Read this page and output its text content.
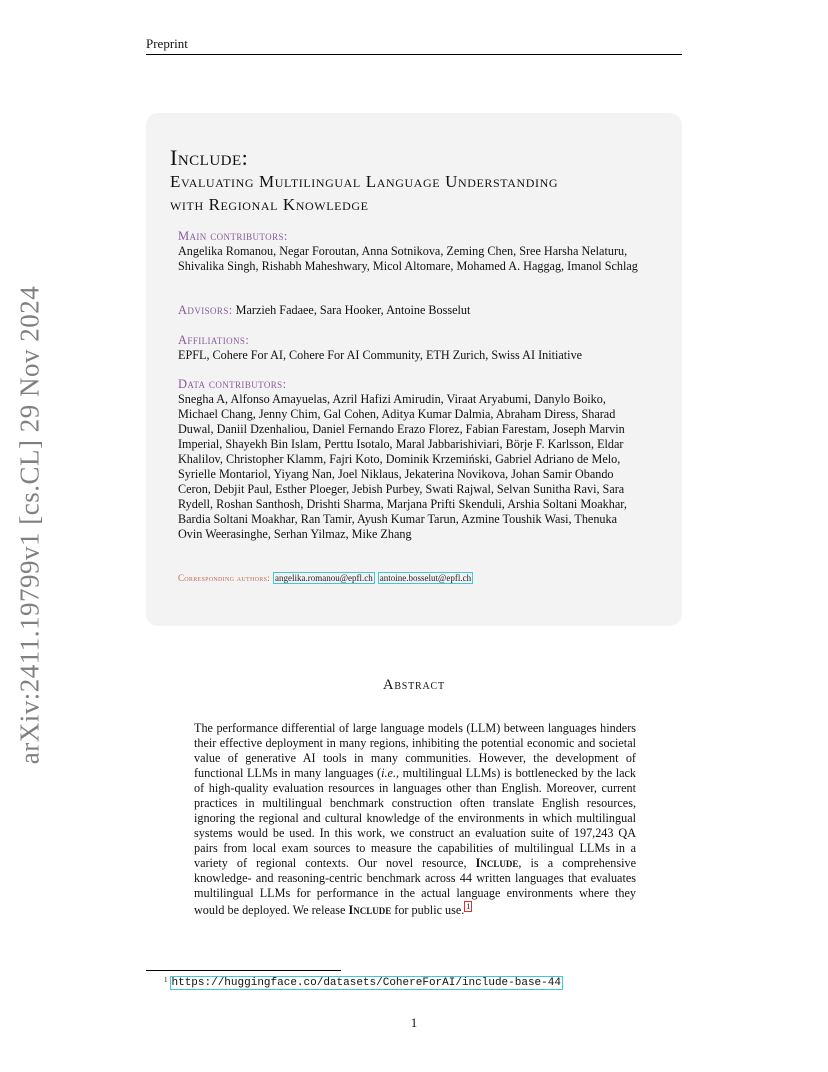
Preprint
arXiv:2411.19799v1 [cs.CL] 29 Nov 2024
Include:
Evaluating Multilingual Language Understanding
with Regional Knowledge
Main contributors:
Angelika Romanou, Negar Foroutan, Anna Sotnikova, Zeming Chen, Sree Harsha Nelaturu, Shivalika Singh, Rishabh Maheshwary, Micol Altomare, Mohamed A. Haggag, Imanol Schlag
Advisors: Marzieh Fadaee, Sara Hooker, Antoine Bosselut
Affiliations:
EPFL, Cohere For AI, Cohere For AI Community, ETH Zurich, Swiss AI Initiative
Data contributors:
Snegha A, Alfonso Amayuelas, Azril Hafizi Amirudin, Viraat Aryabumi, Danylo Boiko, Michael Chang, Jenny Chim, Gal Cohen, Aditya Kumar Dalmia, Abraham Diress, Sharad Duwal, Daniil Dzenhaliou, Daniel Fernando Erazo Florez, Fabian Farestam, Joseph Marvin Imperial, Shayekh Bin Islam, Perttu Isotalo, Maral Jabbarishiviari, Börje F. Karlsson, Eldar Khalilov, Christopher Klamm, Fajri Koto, Dominik Krzemiński, Gabriel Adriano de Melo, Syrielle Montariol, Yiyang Nan, Joel Niklaus, Jekaterina Novikova, Johan Samir Obando Ceron, Debjit Paul, Esther Ploeger, Jebish Purbey, Swati Rajwal, Selvan Sunitha Ravi, Sara Rydell, Roshan Santhosh, Drishti Sharma, Marjana Prifti Skenduli, Arshia Soltani Moakhar, Bardia Soltani Moakhar, Ran Tamir, Ayush Kumar Tarun, Azmine Toushik Wasi, Thenuka Ovin Weerasinghe, Serhan Yilmaz, Mike Zhang
Corresponding authors: angelika.romanou@epfl.ch antoine.bosselut@epfl.ch
Abstract
The performance differential of large language models (LLM) between languages hinders their effective deployment in many regions, inhibiting the potential economic and societal value of generative AI tools in many communities. However, the development of functional LLMs in many languages (i.e., multilingual LLMs) is bottlenecked by the lack of high-quality evaluation resources in languages other than English. Moreover, current practices in multilingual benchmark construction often translate English resources, ignoring the regional and cultural knowledge of the environments in which multilingual systems would be used. In this work, we construct an evaluation suite of 197,243 QA pairs from local exam sources to measure the capabilities of multilingual LLMs in a variety of regional contexts. Our novel resource, Include, is a comprehensive knowledge- and reasoning-centric benchmark across 44 written languages that evaluates multilingual LLMs for performance in the actual language environments where they would be deployed. We release Include for public use. 1
1 https://huggingface.co/datasets/CohereForAI/include-base-44
1
